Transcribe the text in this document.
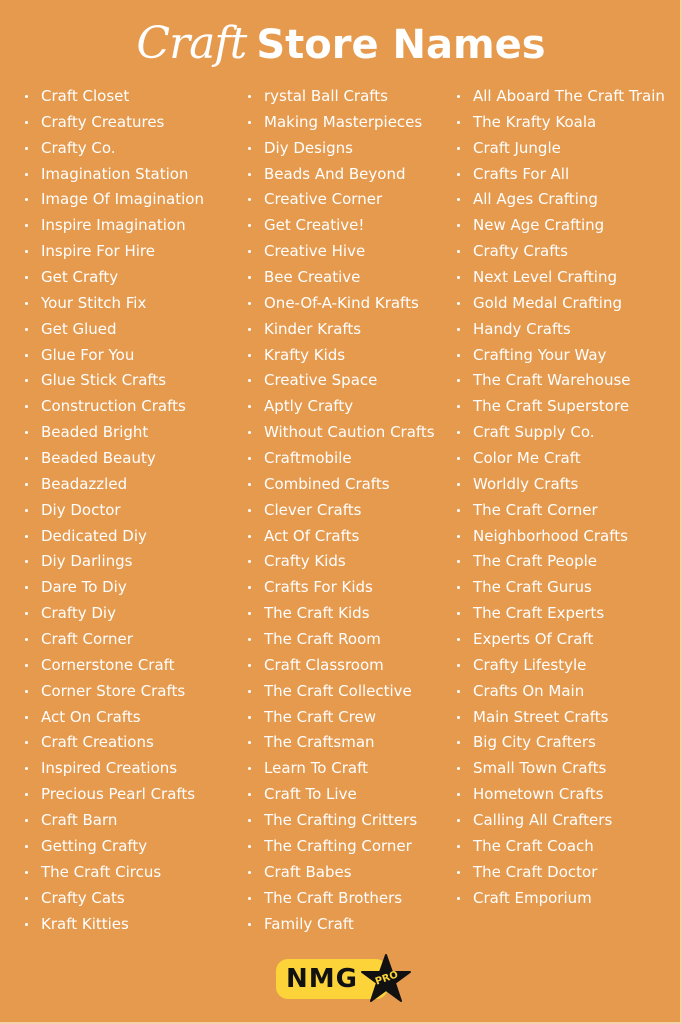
Craft Store Names
Craft Closet
Crafty Creatures
Crafty Co.
Imagination Station
Image Of Imagination
Inspire Imagination
Inspire For Hire
Get Crafty
Your Stitch Fix
Get Glued
Glue For You
Glue Stick Crafts
Construction Crafts
Beaded Bright
Beaded Beauty
Beadazzled
Diy Doctor
Dedicated Diy
Diy Darlings
Dare To Diy
Crafty Diy
Craft Corner
Cornerstone Craft
Corner Store Crafts
Act On Crafts
Craft Creations
Inspired Creations
Precious Pearl Crafts
Craft Barn
Getting Crafty
The Craft Circus
Crafty Cats
Kraft Kitties
rystal Ball Crafts
Making Masterpieces
Diy Designs
Beads And Beyond
Creative Corner
Get Creative!
Creative Hive
Bee Creative
One-Of-A-Kind Krafts
Kinder Krafts
Krafty Kids
Creative Space
Aptly Crafty
Without Caution Crafts
Craftmobile
Combined Crafts
Clever Crafts
Act Of Crafts
Crafty Kids
Crafts For Kids
The Craft Kids
The Craft Room
Craft Classroom
The Craft Collective
The Craft Crew
The Craftsman
Learn To Craft
Craft To Live
The Crafting Critters
The Crafting Corner
Craft Babes
The Craft Brothers
Family Craft
All Aboard The Craft Train
The Krafty Koala
Craft Jungle
Crafts For All
All Ages Crafting
New Age Crafting
Crafty Crafts
Next Level Crafting
Gold Medal Crafting
Handy Crafts
Crafting Your Way
The Craft Warehouse
The Craft Superstore
Craft Supply Co.
Color Me Craft
Worldly Crafts
The Craft Corner
Neighborhood Crafts
The Craft People
The Craft Gurus
The Craft Experts
Experts Of Craft
Crafty Lifestyle
Crafts On Main
Main Street Crafts
Big City Crafters
Small Town Crafts
Hometown Crafts
Calling All Crafters
The Craft Coach
The Craft Doctor
Craft Emporium
NMG PRO
